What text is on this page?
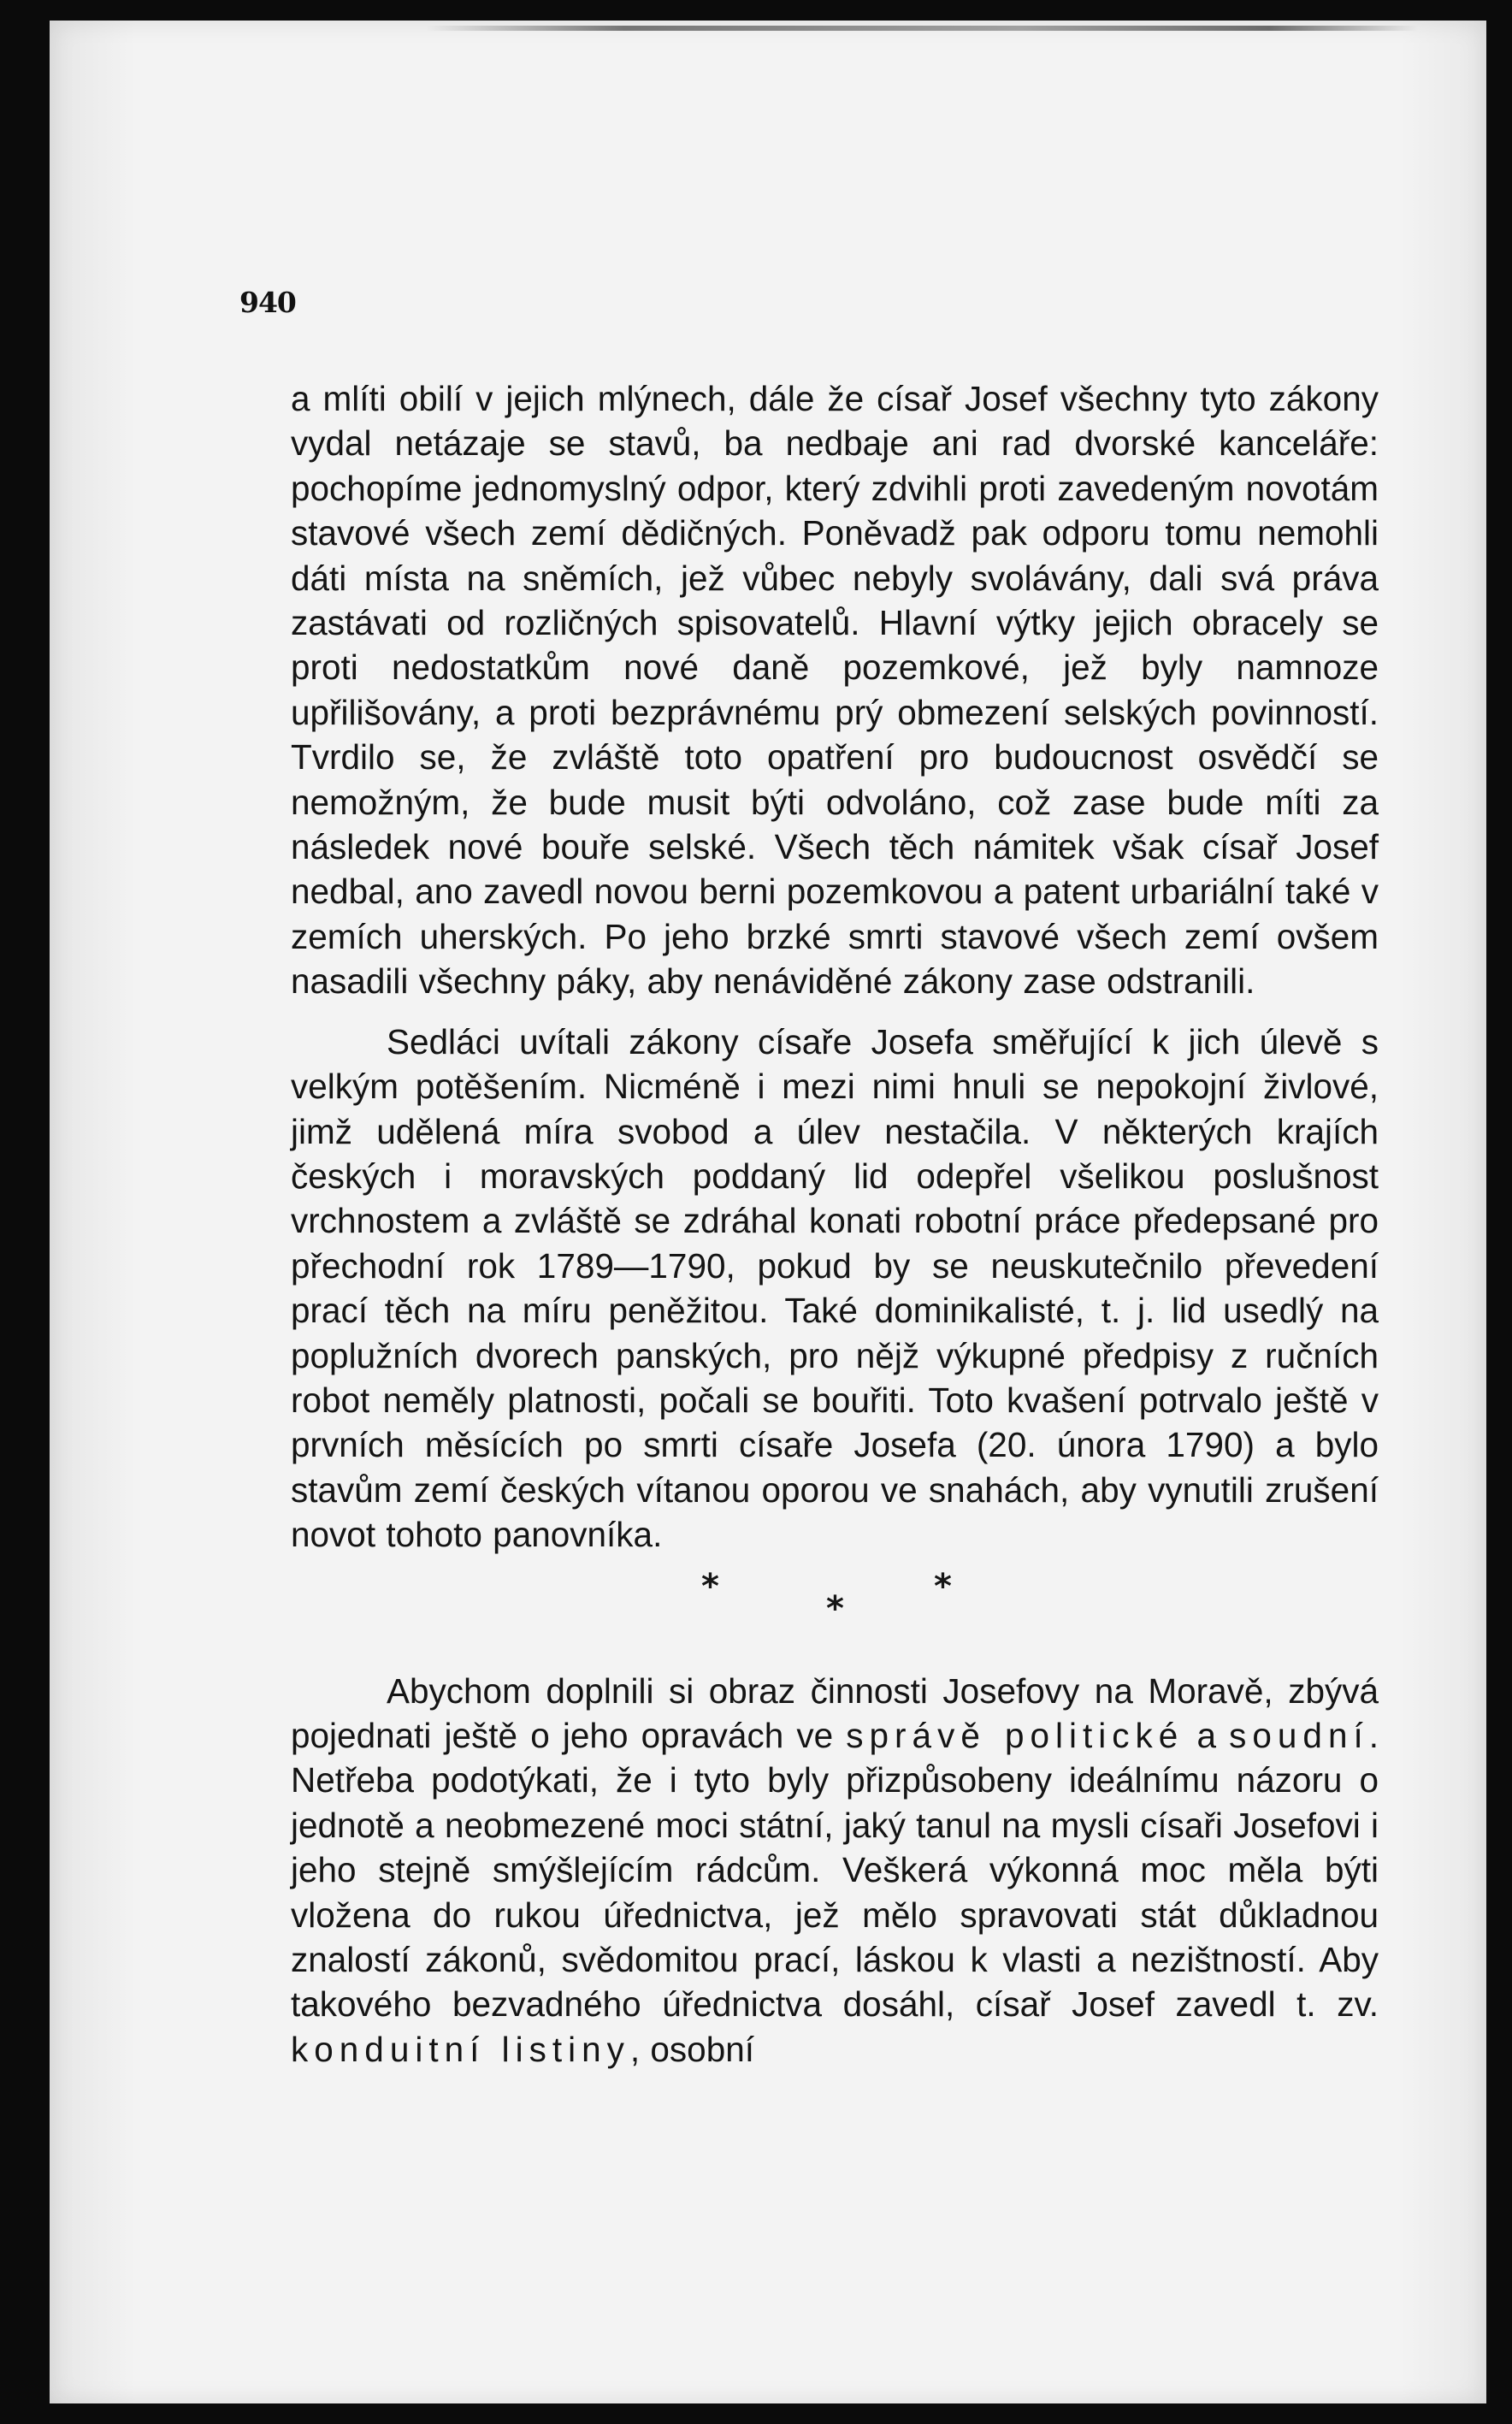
940

a mlíti obilí v jejich mlýnech, dále že císař Josef všechny tyto zákony vydal netázaje se stavů, ba nedbaje ani rad dvorské kanceláře: pochopíme jednomyslný odpor, který zdvihli proti zavedeným novotám stavové všech zemí dědičných. Poněvadž pak odporu tomu nemohli dáti místa na sněmích, jež vůbec nebyly svolávány, dali svá práva zastávati od rozličných spisovatelů. Hlavní výtky jejich obracely se proti nedostatkům nové daně pozemkové, jež byly namnoze upřilišovány, a proti bezprávnému prý obmezení selských povinností. Tvrdilo se, že zvláště toto opatření pro budoucnost osvědčí se nemožným, že bude musit býti odvoláno, což zase bude míti za následek nové bouře selské. Všech těch námitek však císař Josef nedbal, ano zavedl novou berni pozemkovou a patent urbariální také v zemích uherských. Po jeho brzké smrti stavové všech zemí ovšem nasadili všechny páky, aby nenáviděné zákony zase odstranili.

Sedláci uvítali zákony císaře Josefa směřující k jich úlevě s velkým potěšením. Nicméně i mezi nimi hnuli se nepokojní živlové, jimž udělená míra svobod a úlev nestačila. V některých krajích českých i moravských poddaný lid odepřel všelikou poslušnost vrchnostem a zvláště se zdráhal konati robotní práce předepsané pro přechodní rok 1789—1790, pokud by se neuskutečnilo převedení prací těch na míru peněžitou. Také dominikalisté, t. j. lid usedlý na poplužních dvorech panských, pro nějž výkupné předpisy z ručních robot neměly platnosti, počali se bouřiti. Toto kvašení potrvalo ještě v prvních měsících po smrti císaře Josefa (20. února 1790) a bylo stavům zemí českých vítanou oporou ve snahách, aby vynutili zrušení novot tohoto panovníka.

*
*
*

Abychom doplnili si obraz činnosti Josefovy na Moravě, zbývá pojednati ještě o jeho opravách ve správě politické a soudní. Netřeba podotýkati, že i tyto byly přizpůsobeny ideálnímu názoru o jednotě a neobmezené moci státní, jaký tanul na mysli císaři Josefovi i jeho stejně smýšlejícím rádcům. Veškerá výkonná moc měla býti vložena do rukou úřednictva, jež mělo spravovati stát důkladnou znalostí zákonů, svědomitou prací, láskou k vlasti a nezištností. Aby takového bezvadného úřednictva dosáhl, císař Josef zavedl t. zv. konduitní listiny, osobní
